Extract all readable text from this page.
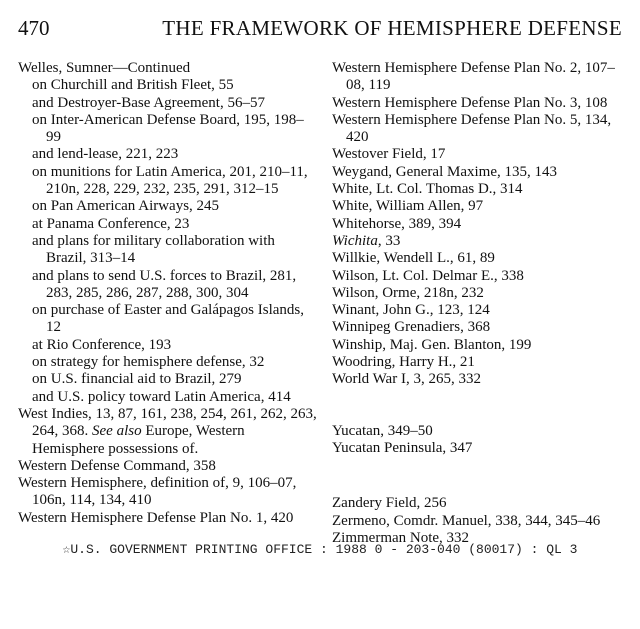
470	THE FRAMEWORK OF HEMISPHERE DEFENSE
Welles, Sumner—Continued
on Churchill and British Fleet, 55
and Destroyer-Base Agreement, 56–57
on Inter-American Defense Board, 195, 198–99
and lend-lease, 221, 223
on munitions for Latin America, 201, 210–11, 210n, 228, 229, 232, 235, 291, 312–15
on Pan American Airways, 245
at Panama Conference, 23
and plans for military collaboration with Brazil, 313–14
and plans to send U.S. forces to Brazil, 281, 283, 285, 286, 287, 288, 300, 304
on purchase of Easter and Galápagos Islands, 12
at Rio Conference, 193
on strategy for hemisphere defense, 32
on U.S. financial aid to Brazil, 279
and U.S. policy toward Latin America, 414
West Indies, 13, 87, 161, 238, 254, 261, 262, 263, 264, 368. See also Europe, Western Hemisphere possessions of.
Western Defense Command, 358
Western Hemisphere, definition of, 9, 106–07, 106n, 114, 134, 410
Western Hemisphere Defense Plan No. 1, 420
Western Hemisphere Defense Plan No. 2, 107–08, 119
Western Hemisphere Defense Plan No. 3, 108
Western Hemisphere Defense Plan No. 5, 134, 420
Westover Field, 17
Weygand, General Maxime, 135, 143
White, Lt. Col. Thomas D., 314
White, William Allen, 97
Whitehorse, 389, 394
Wichita, 33
Willkie, Wendell L., 61, 89
Wilson, Lt. Col. Delmar E., 338
Wilson, Orme, 218n, 232
Winant, John G., 123, 124
Winnipeg Grenadiers, 368
Winship, Maj. Gen. Blanton, 199
Woodring, Harry H., 21
World War I, 3, 265, 332
Yucatan, 349–50
Yucatan Peninsula, 347
Zandery Field, 256
Zermeno, Comdr. Manuel, 338, 344, 345–46
Zimmerman Note, 332
☆U.S. GOVERNMENT PRINTING OFFICE : 1988 0 - 203-040 (80017) : QL 3
